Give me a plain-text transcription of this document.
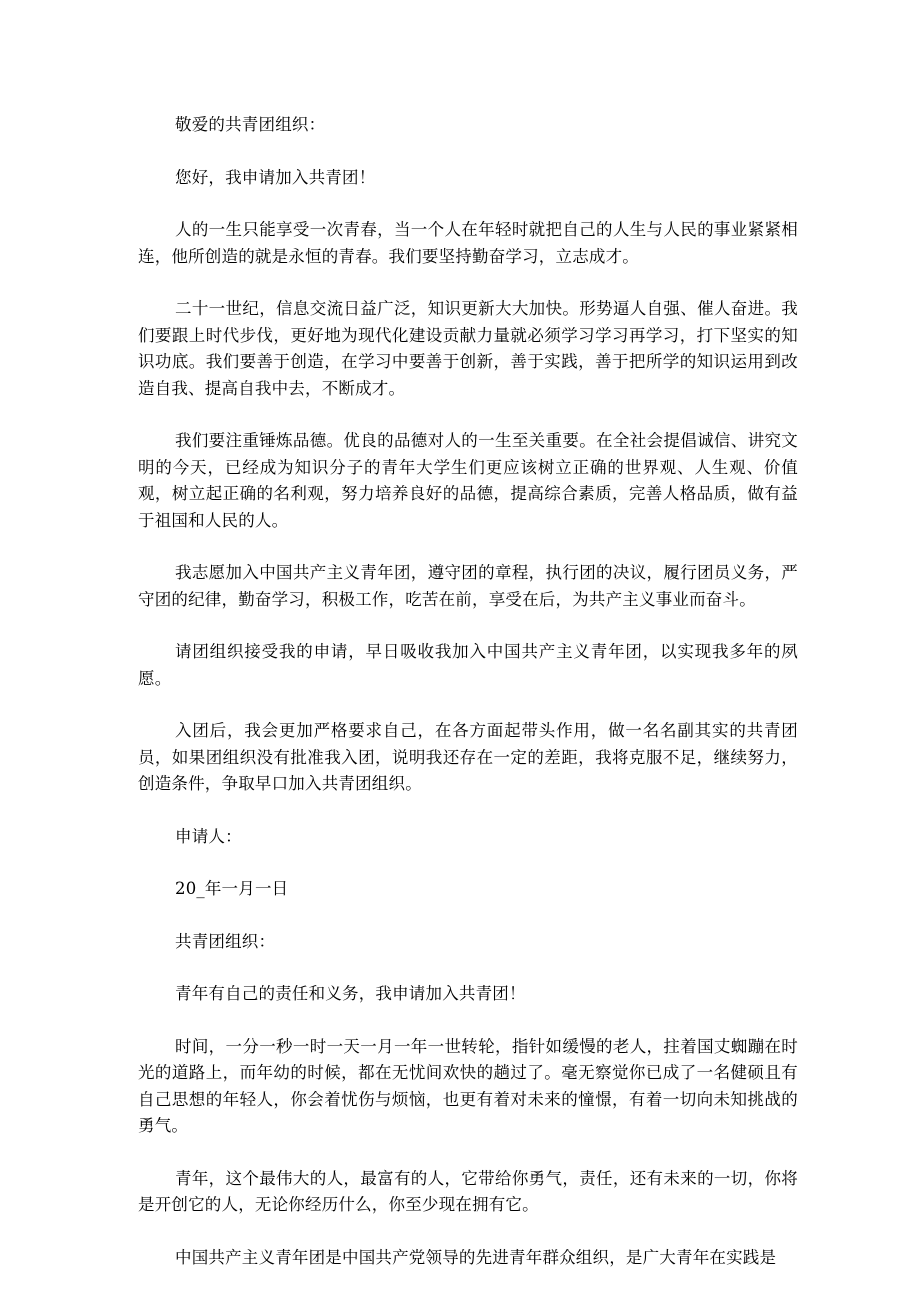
敬爱的共青团组织：

您好，我申请加入共青团！

人的一生只能享受一次青春，当一个人在年轻时就把自己的人生与人民的事业紧紧相连，他所创造的就是永恒的青春。我们要坚持勤奋学习，立志成才。

二十一世纪，信息交流日益广泛，知识更新大大加快。形势逼人自强、催人奋进。我们要跟上时代步伐，更好地为现代化建设贡献力量就必须学习学习再学习，打下坚实的知识功底。我们要善于创造，在学习中要善于创新，善于实践，善于把所学的知识运用到改造自我、提高自我中去，不断成才。

我们要注重锤炼品德。优良的品德对人的一生至关重要。在全社会提倡诚信、讲究文明的今天，已经成为知识分子的青年大学生们更应该树立正确的世界观、人生观、价值观，树立起正确的名利观，努力培养良好的品德，提高综合素质，完善人格品质，做有益于祖国和人民的人。

我志愿加入中国共产主义青年团，遵守团的章程，执行团的决议，履行团员义务，严守团的纪律，勤奋学习，积极工作，吃苦在前，享受在后，为共产主义事业而奋斗。

请团组织接受我的申请，早日吸收我加入中国共产主义青年团，以实现我多年的夙愿。

入团后，我会更加严格要求自己，在各方面起带头作用，做一名名副其实的共青团员，如果团组织没有批准我入团，说明我还存在一定的差距，我将克服不足，继续努力，创造条件，争取早口加入共青团组织。

申请人：

20_年一月一日

共青团组织：

青年有自己的责任和义务，我申请加入共青团！

时间，一分一秒一时一天一月一年一世转轮，指针如缓慢的老人，拄着国丈蜘蹦在时光的道路上，而年幼的时候，都在无忧间欢快的趟过了。毫无察觉你已成了一名健硕且有自己思想的年轻人，你会着忧伤与烦恼，也更有着对未来的憧憬，有着一切向未知挑战的勇气。

青年，这个最伟大的人，最富有的人，它带给你勇气，责任，还有未来的一切，你将是开创它的人，无论你经历什么，你至少现在拥有它。

中国共产主义青年团是中国共产党领导的先进青年群众组织，是广大青年在实践是
